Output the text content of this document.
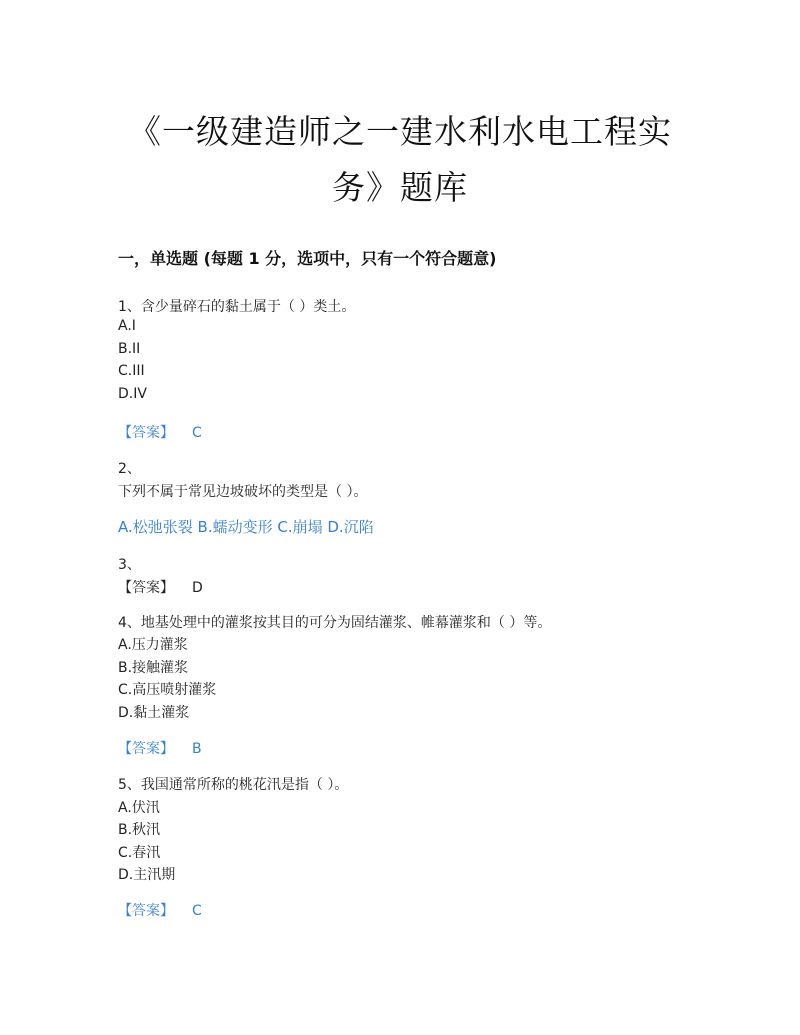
《一级建造师之一建水利水电工程实
务》题库
一，单选题 (每题 1 分，选项中，只有一个符合题意)
1、含少量碎石的黏土属于（ ）类土。
A.I
B.II
C.III
D.IV
【答案】 C
2、
下列不属于常见边坡破坏的类型是（ ）。
A.松弛张裂 B.蠕动变形 C.崩塌 D.沉陷
3、
【答案】 D
4、地基处理中的灌浆按其目的可分为固结灌浆、帷幕灌浆和（ ）等。
A.压力灌浆
B.接触灌浆
C.高压喷射灌浆
D.黏土灌浆
【答案】 B
5、我国通常所称的桃花汛是指（ ）。
A.伏汛
B.秋汛
C.春汛
D.主汛期
【答案】 C
